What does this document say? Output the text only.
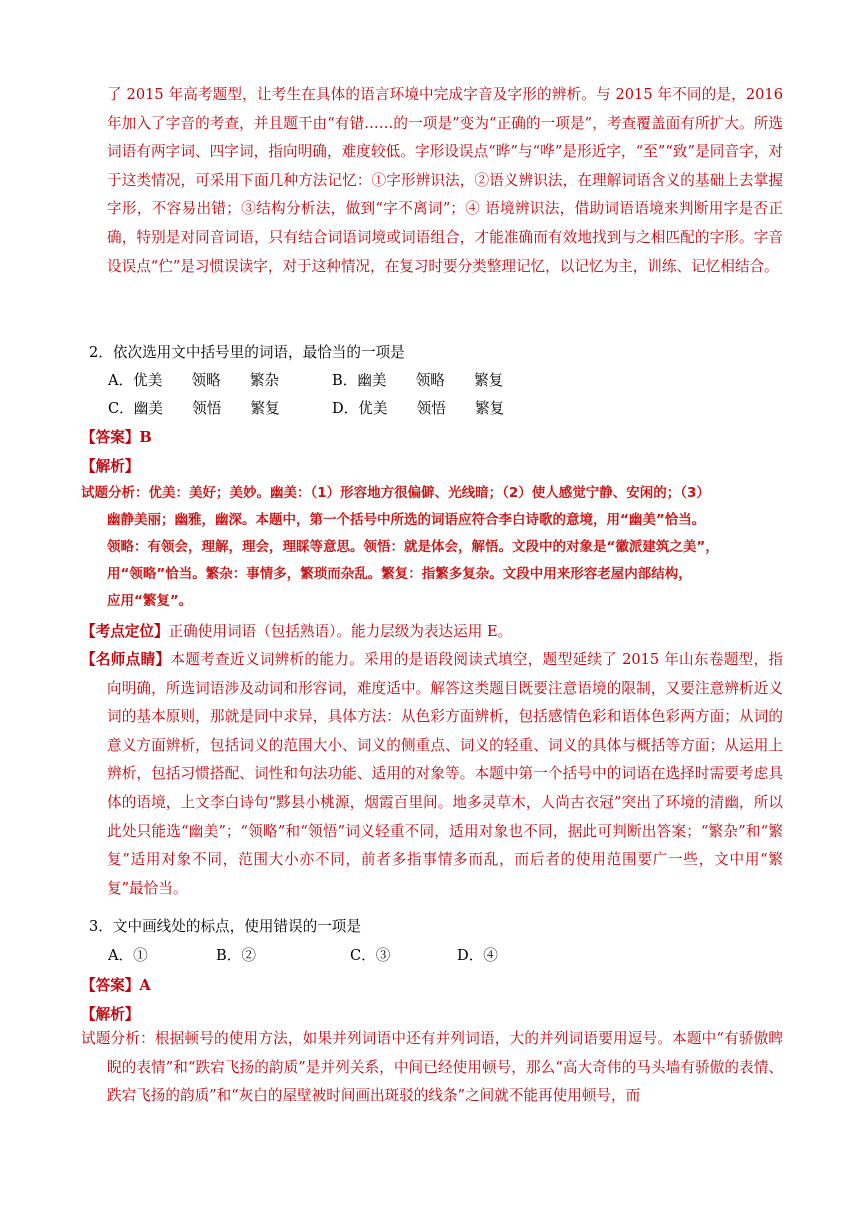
了 2015 年高考题型，让考生在具体的语言环境中完成字音及字形的辨析。与 2015 年不同的是，2016 年加入了字音的考查，并且题干由“有错……的一项是”变为“正确的一项是”，考查覆盖面有所扩大。所选词语有两字词、四字词，指向明确，难度较低。字形设误点“晔”与“哗”是形近字，“至”“致”是同音字，对于这类情况，可采用下面几种方法记忆：①字形辨识法，②语义辨识法，在理解词语含义的基础上去掌握字形，不容易出错；③结构分析法，做到“字不离词”；④ 语境辨识法，借助词语语境来判断用字是否正确，特别是对同音词语，只有结合词语词境或词语组合，才能准确而有效地找到与之相匹配的字形。字音设误点“伫”是习惯误读字，对于这种情况，在复习时要分类整理记忆，以记忆为主，训练、记忆相结合。
2．依次选用文中括号里的词语，最恰当的一项是
A．优美　　领略　　繁杂	B．幽美　　领略　　繁复
C．幽美　　领悟　　繁复	D．优美　　领悟　　繁复
【答案】B
【解析】
试题分析：优美：美好；美妙。幽美：（1）形容地方很偏僻、光线暗；（2）使人感觉宁静、安闲的；（3）
幽静美丽；幽雅，幽深。本题中，第一个括号中所选的词语应符合李白诗歌的意境，用“幽美”恰当。
领略：有领会，理解，理会，理睬等意思。领悟：就是体会，解悟。文段中的对象是“徽派建筑之美”，
用“领略”恰当。繁杂：事情多，繁琐而杂乱。繁复：指繁多复杂。文段中用来形容老屋内部结构，
应用“繁复”。
【考点定位】正确使用词语（包括熟语）。能力层级为表达运用 E。
【名师点睛】本题考查近义词辨析的能力。采用的是语段阅读式填空，题型延续了 2015 年山东卷题型，指向明确，所选词语涉及动词和形容词，难度适中。解答这类题目既要注意语境的限制，又要注意辨析近义词的基本原则，那就是同中求异，具体方法：从色彩方面辨析，包括感情色彩和语体色彩两方面；从词的意义方面辨析，包括词义的范围大小、词义的侧重点、词义的轻重、词义的具体与概括等方面；从运用上辨析，包括习惯搭配、词性和句法功能、适用的对象等。本题中第一个括号中的词语在选择时需要考虑具体的语境，上文李白诗句“黟县小桃源，烟霞百里间。地多灵草木，人尚古衣冠”突出了环境的清幽，所以此处只能选“幽美”；“领略”和“领悟”词义轻重不同，适用对象也不同，据此可判断出答案；“繁杂”和“繁复”适用对象不同，范围大小亦不同，前者多指事情多而乱，而后者的使用范围要广一些，文中用“繁复”最恰当。
3．文中画线处的标点，使用错误的一项是
A．①	B．②	C．③	D．④
【答案】A
【解析】
试题分析：根据顿号的使用方法，如果并列词语中还有并列词语，大的并列词语要用逗号。本题中“有骄傲睥睨的表情”和“跌宕飞扬的韵质”是并列关系，中间已经使用顿号，那么“高大奇伟的马头墙有骄傲的表情、跌宕飞扬的韵质”和“灰白的屋壁被时间画出斑驳的线条”之间就不能再使用顿号，而
